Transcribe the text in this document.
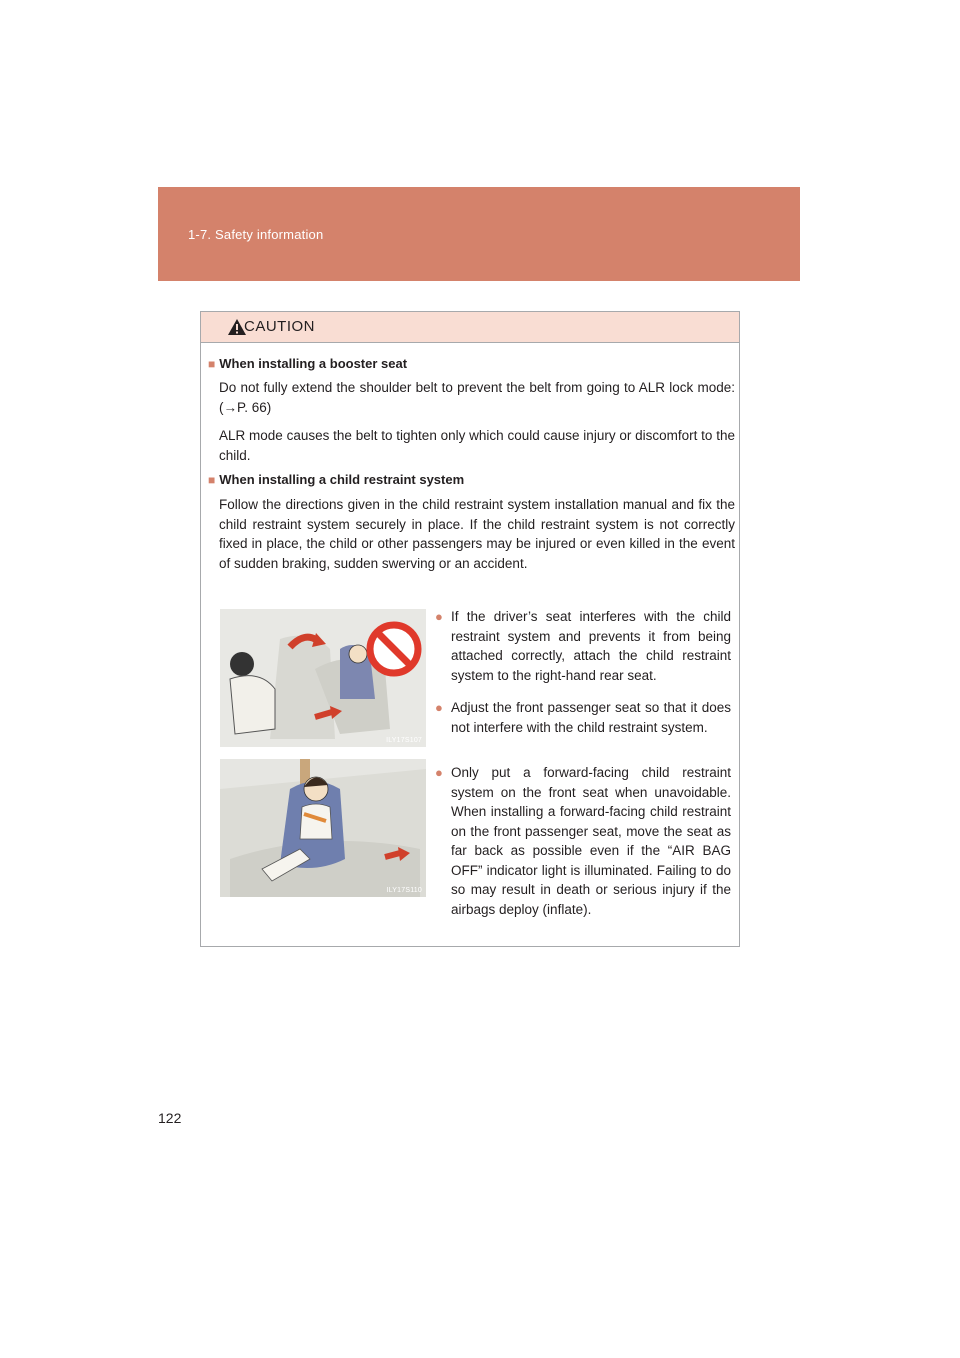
1-7. Safety information
CAUTION
■ When installing a booster seat

Do not fully extend the shoulder belt to prevent the belt from going to ALR lock mode: (→P. 66)

ALR mode causes the belt to tighten only which could cause injury or discomfort to the child.

■ When installing a child restraint system

Follow the directions given in the child restraint system installation manual and fix the child restraint system securely in place. If the child restraint system is not correctly fixed in place, the child or other passengers may be injured or even killed in the event of sudden braking, sudden swerving or an accident.

ILY17S107
ILY17S110
● If the driver’s seat interferes with the child restraint system and prevents it from being attached correctly, attach the child restraint system to the right-hand rear seat.
● Adjust the front passenger seat so that it does not interfere with the child restraint system.
● Only put a forward-facing child restraint system on the front seat when unavoidable. When installing a forward-facing child restraint on the front passenger seat, move the seat as far back as possible even if the “AIR BAG OFF” indicator light is illuminated. Failing to do so may result in death or serious injury if the airbags deploy (inflate).
122
